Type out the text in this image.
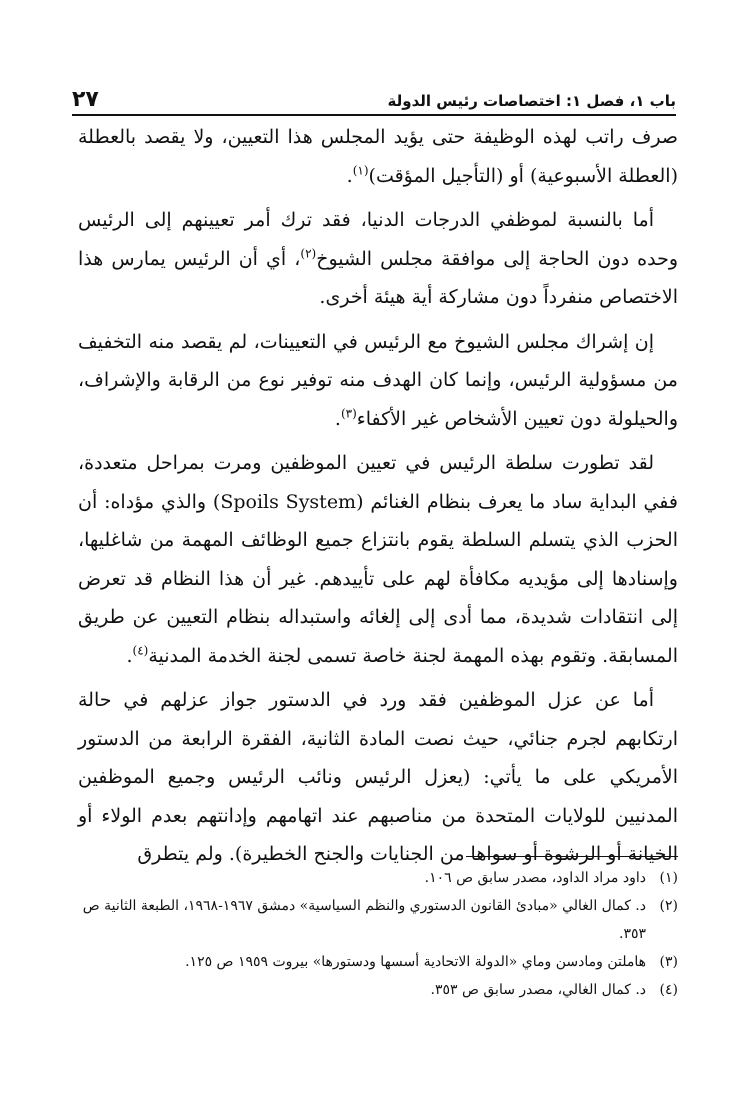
باب ١، فصل ١: اختصاصات رئيس الدولة
٢٧

صرف راتب لهذه الوظيفة حتى يؤيد المجلس هذا التعيين، ولا يقصد بالعطلة (العطلة الأسبوعية) أو (التأجيل المؤقت)$^{(١)}$.

أما بالنسبة لموظفي الدرجات الدنيا، فقد ترك أمر تعيينهم إلى الرئيس وحده دون الحاجة إلى موافقة مجلس الشيوخ$^{(٢)}$، أي أن الرئيس يمارس هذا الاختصاص منفرداً دون مشاركة أية هيئة أخرى.

إن إشراك مجلس الشيوخ مع الرئيس في التعيينات، لم يقصد منه التخفيف من مسؤولية الرئيس، وإنما كان الهدف منه توفير نوع من الرقابة والإشراف، والحيلولة دون تعيين الأشخاص غير الأكفاء$^{(٣)}$.

لقد تطورت سلطة الرئيس في تعيين الموظفين ومرت بمراحل متعددة، ففي البداية ساد ما يعرف بنظام الغنائم (Spoils System) والذي مؤداه: أن الحزب الذي يتسلم السلطة يقوم بانتزاع جميع الوظائف المهمة من شاغليها، وإسنادها إلى مؤيديه مكافأة لهم على تأييدهم. غير أن هذا النظام قد تعرض إلى انتقادات شديدة، مما أدى إلى إلغائه واستبداله بنظام التعيين عن طريق المسابقة. وتقوم بهذه المهمة لجنة خاصة تسمى لجنة الخدمة المدنية$^{(٤)}$.

أما عن عزل الموظفين فقد ورد في الدستور جواز عزلهم في حالة ارتكابهم لجرم جنائي، حيث نصت المادة الثانية، الفقرة الرابعة من الدستور الأمريكي على ما يأتي: (يعزل الرئيس ونائب الرئيس وجميع الموظفين المدنيين للولايات المتحدة من مناصبهم عند اتهامهم وإدانتهم بعدم الولاء أو الخيانة أو الرشوة أو سواها من الجنايات والجنح الخطيرة). ولم يتطرق

(١)
داود مراد الداود، مصدر سابق ص ١٠٦.
(٢)
د. كمال الغالي «مبادئ القانون الدستوري والنظم السياسية» دمشق ١٩٦٧-١٩٦٨، الطبعة الثانية ص ٣٥٣.
(٣)
هاملتن ومادسن وماي «الدولة الاتحادية أسسها ودستورها» بيروت ١٩٥٩ ص ١٢٥.
(٤)
د. كمال الغالي، مصدر سابق ص ٣٥٣.
